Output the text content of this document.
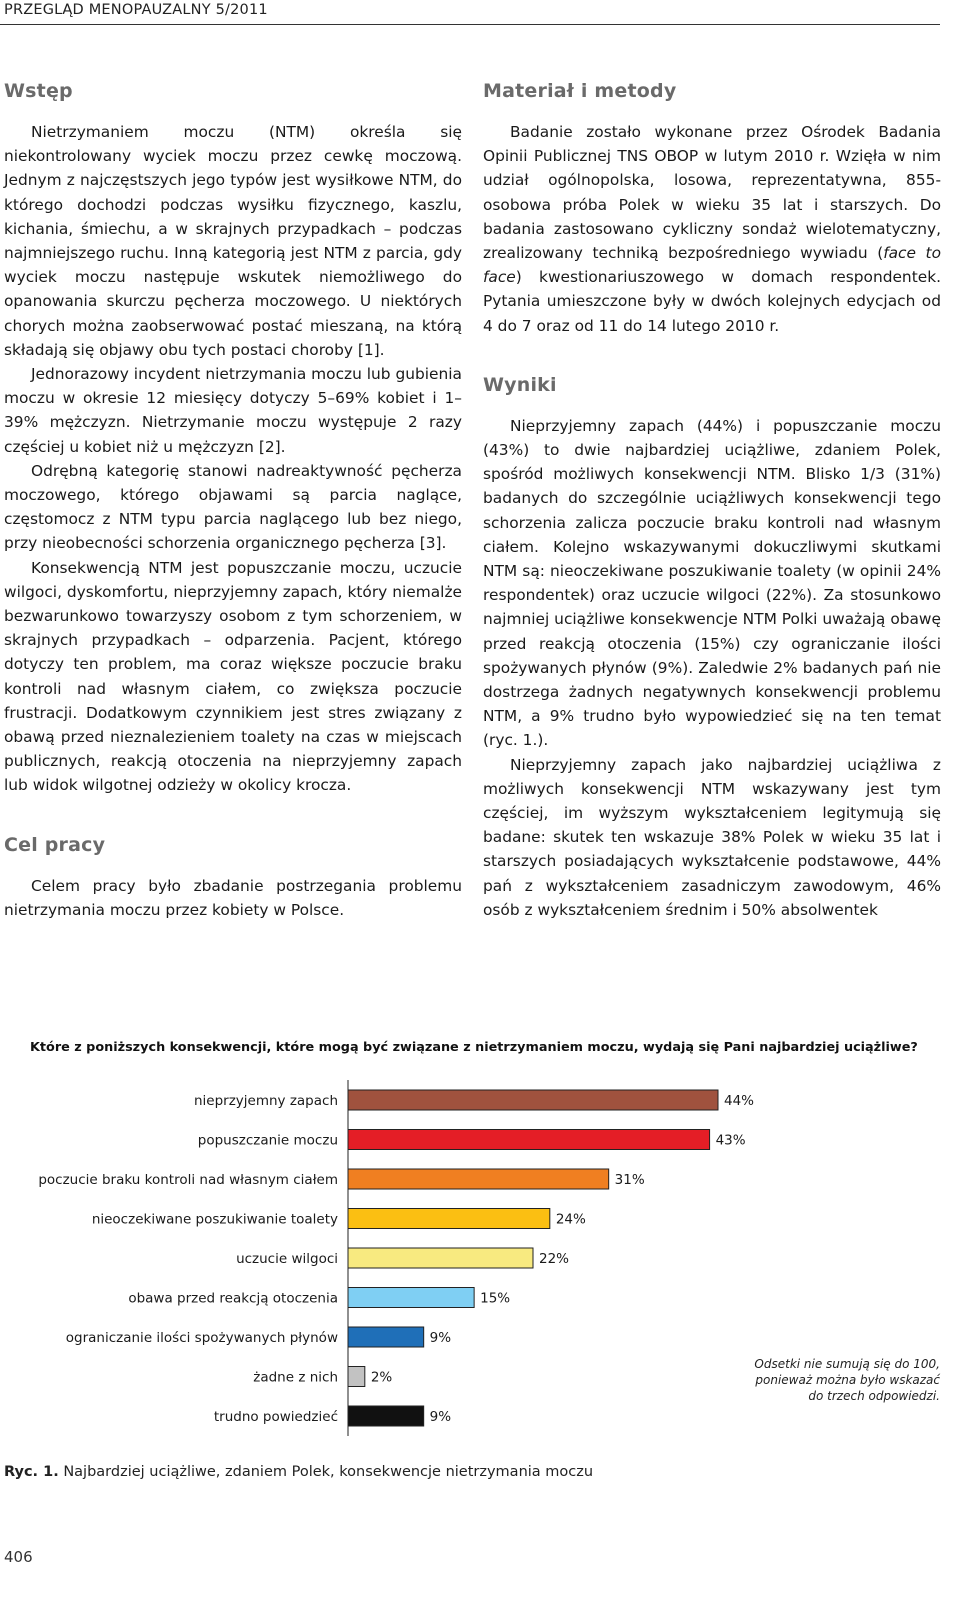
PRZEGLĄD MENOPAUZALNY 5/2011
Wstęp

Nietrzymaniem moczu (NTM) określa się niekontrolowany wyciek moczu przez cewkę moczową. Jednym z najczęstszych jego typów jest wysiłkowe NTM, do którego dochodzi podczas wysiłku fizycznego, kaszlu, kichania, śmiechu, a w skrajnych przypadkach – podczas najmniejszego ruchu. Inną kategorią jest NTM z parcia, gdy wyciek moczu następuje wskutek niemożliwego do opanowania skurczu pęcherza moczowego. U niektórych chorych można zaobserwować postać mieszaną, na którą składają się objawy obu tych postaci choroby [1].

Jednorazowy incydent nietrzymania moczu lub gubienia moczu w okresie 12 miesięcy dotyczy 5–69% kobiet i 1–39% mężczyzn. Nietrzymanie moczu występuje 2 razy częściej u kobiet niż u mężczyzn [2].

Odrębną kategorię stanowi nadreaktywność pęcherza moczowego, którego objawami są parcia naglące, częstomocz z NTM typu parcia naglącego lub bez niego, przy nieobecności schorzenia organicznego pęcherza [3].

Konsekwencją NTM jest popuszczanie moczu, uczucie wilgoci, dyskomfortu, nieprzyjemny zapach, który niemalże bezwarunkowo towarzyszy osobom z tym schorzeniem, w skrajnych przypadkach – odparzenia. Pacjent, którego dotyczy ten problem, ma coraz większe poczucie braku kontroli nad własnym ciałem, co zwiększa poczucie frustracji. Dodatkowym czynnikiem jest stres związany z obawą przed nieznalezieniem toalety na czas w miejscach publicznych, reakcją otoczenia na nieprzyjemny zapach lub widok wilgotnej odzieży w okolicy krocza.

Cel pracy

Celem pracy było zbadanie postrzegania problemu nietrzymania moczu przez kobiety w Polsce.

Materiał i metody

Badanie zostało wykonane przez Ośrodek Badania Opinii Publicznej TNS OBOP w lutym 2010 r. Wzięła w nim udział ogólnopolska, losowa, reprezentatywna, 855-osobowa próba Polek w wieku 35 lat i starszych. Do badania zastosowano cykliczny sondaż wielotematyczny, zrealizowany techniką bezpośredniego wywiadu (face to face) kwestionariuszowego w domach respondentek. Pytania umieszczone były w dwóch kolejnych edycjach od 4 do 7 oraz od 11 do 14 lutego 2010 r.

Wyniki

Nieprzyjemny zapach (44%) i popuszczanie moczu (43%) to dwie najbardziej uciążliwe, zdaniem Polek, spośród możliwych konsekwencji NTM. Blisko 1/3 (31%) badanych do szczególnie uciążliwych konsekwencji tego schorzenia zalicza poczucie braku kontroli nad własnym ciałem. Kolejno wskazywanymi dokuczliwymi skutkami NTM są: nieoczekiwane poszukiwanie toalety (w opinii 24% respondentek) oraz uczucie wilgoci (22%). Za stosunkowo najmniej uciążliwe konsekwencje NTM Polki uważają obawę przed reakcją otoczenia (15%) czy ograniczanie ilości spożywanych płynów (9%). Zaledwie 2% badanych pań nie dostrzega żadnych negatywnych konsekwencji problemu NTM, a 9% trudno było wypowiedzieć się na ten temat (ryc. 1.).

Nieprzyjemny zapach jako najbardziej uciążliwa z możliwych konsekwencji NTM wskazywany jest tym częściej, im wyższym wykształceniem legitymują się badane: skutek ten wskazuje 38% Polek w wieku 35 lat i starszych posiadających wykształcenie podstawowe, 44% pań z wykształceniem zasadniczym zawodowym, 46% osób z wykształceniem średnim i 50% absolwentek

Które z poniższych konsekwencji, które mogą być związane z nietrzymaniem moczu, wydają się Pani najbardziej uciążliwe?
nieprzyjemny zapach	44%
popuszczanie moczu	43%
poczucie braku kontroli nad własnym ciałem	31%
nieoczekiwane poszukiwanie toalety	24%
uczucie wilgoci	22%
obawa przed reakcją otoczenia	15%
ograniczanie ilości spożywanych płynów	9%
żadne z nich 2%
trudno powiedzieć	9%
Odsetki nie sumują się do 100, ponieważ można było wskazać do trzech odpowiedzi.
Ryc. 1. Najbardziej uciążliwe, zdaniem Polek, konsekwencje nietrzymania moczu
406
